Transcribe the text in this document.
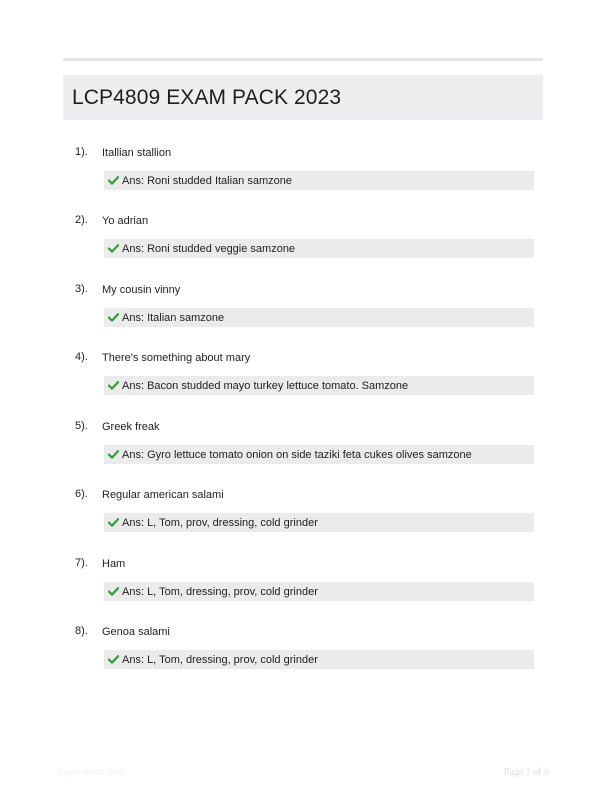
LCP4809 EXAM PACK 2023
1). Itallian stallion
Ans: Roni studded Italian samzone
2). Yo adrian
Ans: Roni studded veggie samzone
3). My cousin vinny
Ans: Italian samzone
4). There's something about mary
Ans: Bacon studded mayo turkey lettuce tomato. Samzone
5). Greek freak
Ans: Gyro lettuce tomato onion on side taziki feta cukes olives samzone
6). Regular american salami
Ans: L, Tom, prov, dressing, cold grinder
7). Ham
Ans: L, Tom, dressing, prov, cold grinder
8). Genoa salami
Ans: L, Tom, dressing, prov, cold grinder
Papersbuzz.com	Page 1 of 6
